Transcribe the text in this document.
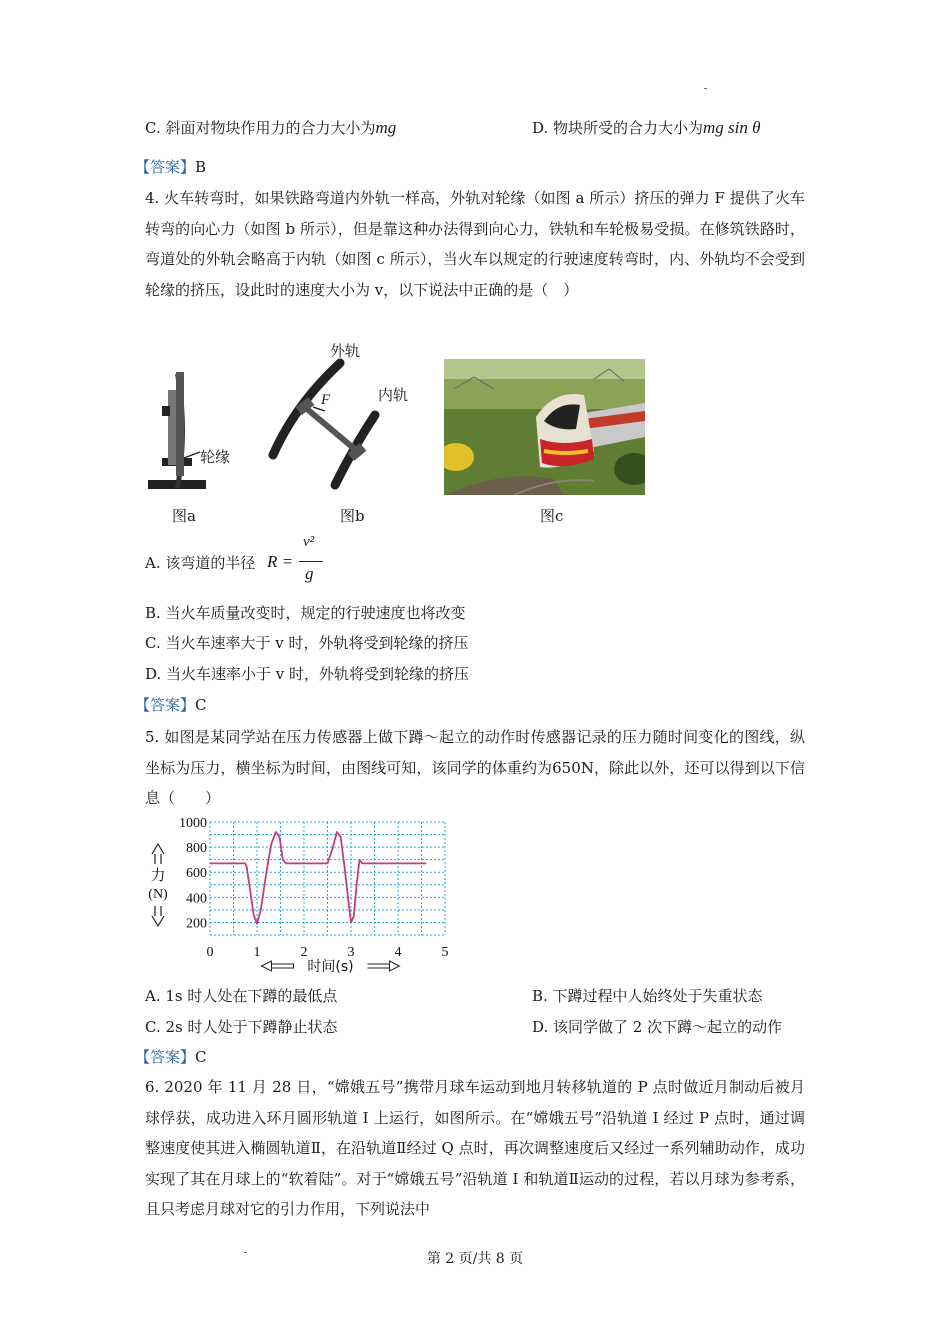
C. 斜面对物块作用力的合力大小为mg	D. 物块所受的合力大小为mg sin θ
【答案】B
4. 火车转弯时，如果铁路弯道内外轨一样高，外轨对轮缘（如图 a 所示）挤压的弹力 F 提供了火车转弯的向心力（如图 b 所示），但是靠这种办法得到向心力，铁轨和车轮极易受损。在修筑铁路时，弯道处的外轨会略高于内轨（如图 c 所示），当火车以规定的行驶速度转弯时，内、外轨均不会受到轮缘的挤压，设此时的速度大小为 v，以下说法中正确的是（　）
轮缘
图a
外轨
内轨
F
图b	图c
A. 该弯道的半径 R =
v²
g
B. 当火车质量改变时，规定的行驶速度也将改变
C. 当火车速率大于 v 时，外轨将受到轮缘的挤压
D. 当火车速率小于 v 时，外轨将受到轮缘的挤压
【答案】C
5. 如图是某同学站在压力传感器上做下蹲～起立的动作时传感器记录的压力随时间变化的图线，纵坐标为压力，横坐标为时间，由图线可知，该同学的体重约为650N，除此以外，还可以得到以下信息（　　）
200
400
600
800
1000
0	1	2	3	4	5
力
(N)
时间(s)
A. 1s 时人处在下蹲的最低点	B. 下蹲过程中人始终处于失重状态
C. 2s 时人处于下蹲静止状态	D. 该同学做了 2 次下蹲～起立的动作
【答案】C
6. 2020 年 11 月 28 日，“嫦娥五号”携带月球车运动到地月转移轨道的 P 点时做近月制动后被月球俘获，成功进入环月圆形轨道 Ⅰ 上运行，如图所示。在“嫦娥五号”沿轨道 Ⅰ 经过 P 点时，通过调整速度使其进入椭圆轨道Ⅱ，在沿轨道Ⅱ经过 Q 点时，再次调整速度后又经过一系列辅助动作，成功实现了其在月球上的“软着陆”。对于“嫦娥五号”沿轨道 Ⅰ 和轨道Ⅱ运动的过程，若以月球为参考系，且只考虑月球对它的引力作用，下列说法中
第 2 页/共 8 页
